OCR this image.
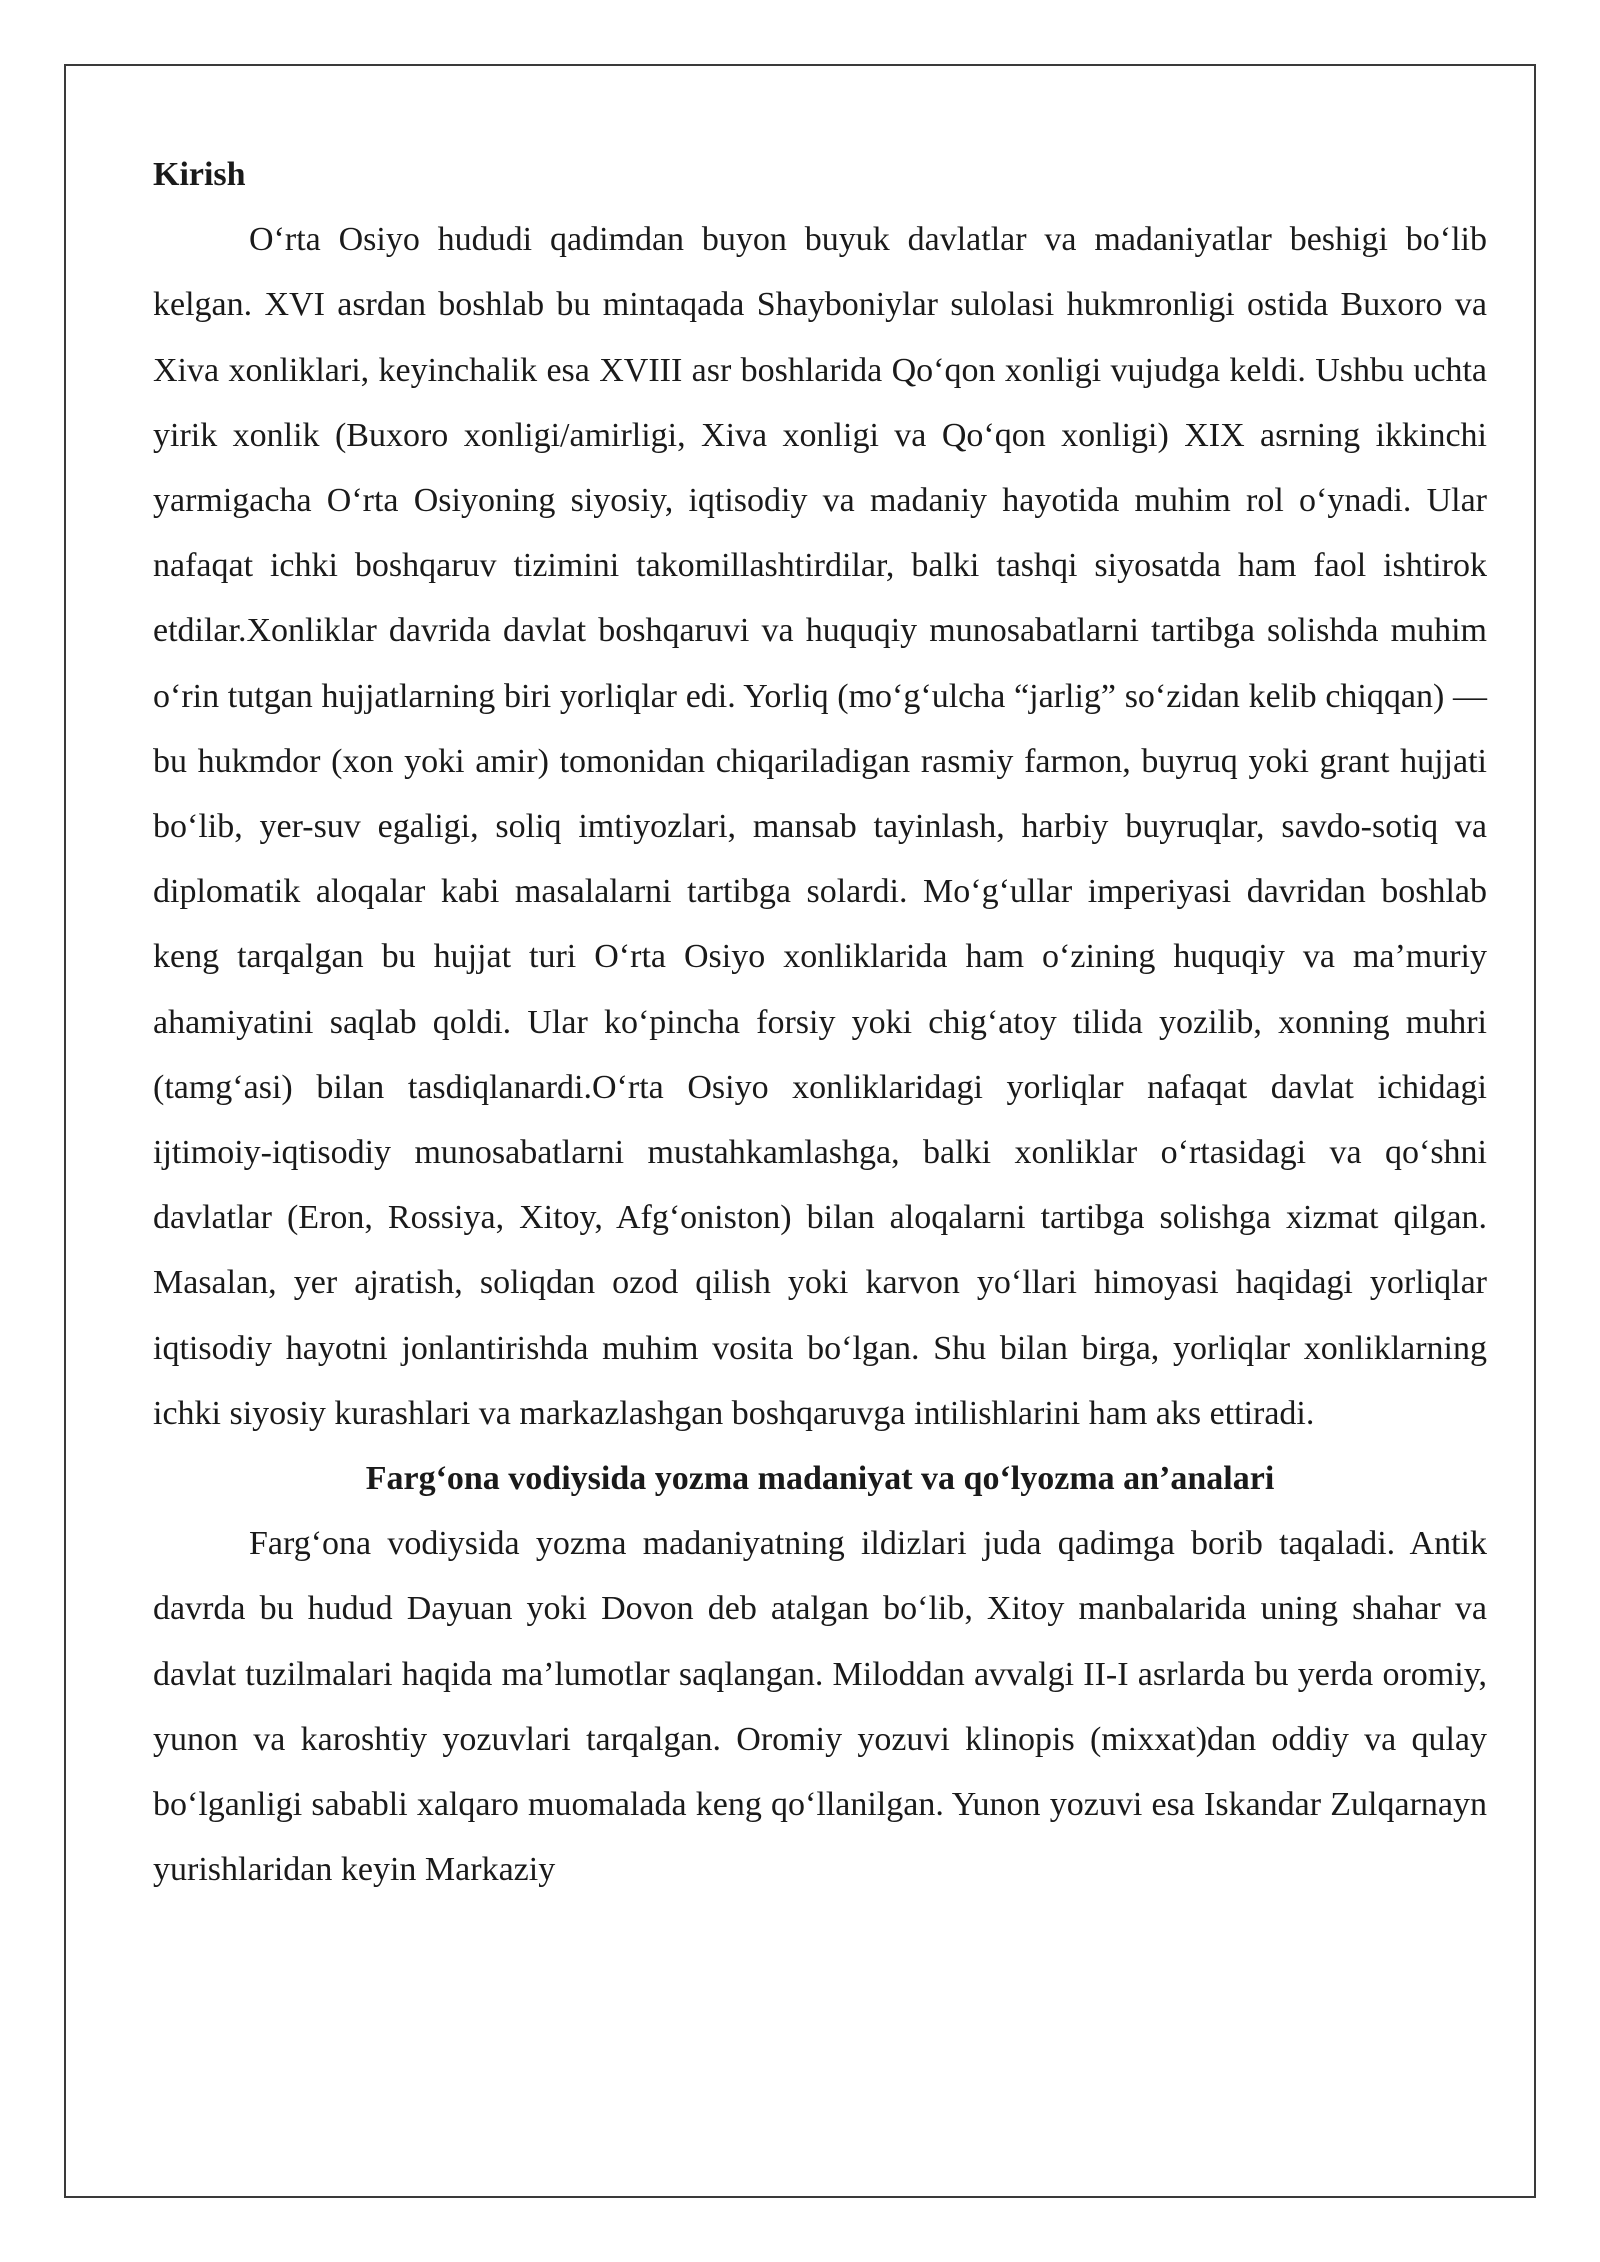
Kirish

O‘rta Osiyo hududi qadimdan buyon buyuk davlatlar va madaniyatlar beshigi bo‘lib kelgan. XVI asrdan boshlab bu mintaqada Shayboniylar sulolasi hukmronligi ostida Buxoro va Xiva xonliklari, keyinchalik esa XVIII asr boshlarida Qo‘qon xonligi vujudga keldi. Ushbu uchta yirik xonlik (Buxoro xonligi/amirligi, Xiva xonligi va Qo‘qon xonligi) XIX asrning ikkinchi yarmigacha O‘rta Osiyoning siyosiy, iqtisodiy va madaniy hayotida muhim rol o‘ynadi. Ular nafaqat ichki boshqaruv tizimini takomillashtirdilar, balki tashqi siyosatda ham faol ishtirok etdilar.Xonliklar davrida davlat boshqaruvi va huquqiy munosabatlarni tartibga solishda muhim o‘rin tutgan hujjatlarning biri yorliqlar edi. Yorliq (mo‘g‘ulcha “jarlig” so‘zidan kelib chiqqan) — bu hukmdor (xon yoki amir) tomonidan chiqariladigan rasmiy farmon, buyruq yoki grant hujjati bo‘lib, yer-suv egaligi, soliq imtiyozlari, mansab tayinlash, harbiy buyruqlar, savdo-sotiq va diplomatik aloqalar kabi masalalarni tartibga solardi. Mo‘g‘ullar imperiyasi davridan boshlab keng tarqalgan bu hujjat turi O‘rta Osiyo xonliklarida ham o‘zining huquqiy va ma’muriy ahamiyatini saqlab qoldi. Ular ko‘pincha forsiy yoki chig‘atoy tilida yozilib, xonning muhri (tamg‘asi) bilan tasdiqlanardi.O‘rta Osiyo xonliklaridagi yorliqlar nafaqat davlat ichidagi ijtimoiy-iqtisodiy munosabatlarni mustahkamlashga, balki xonliklar o‘rtasidagi va qo‘shni davlatlar (Eron, Rossiya, Xitoy, Afg‘oniston) bilan aloqalarni tartibga solishga xizmat qilgan. Masalan, yer ajratish, soliqdan ozod qilish yoki karvon yo‘llari himoyasi haqidagi yorliqlar iqtisodiy hayotni jonlantirishda muhim vosita bo‘lgan. Shu bilan birga, yorliqlar xonliklarning ichki siyosiy kurashlari va markazlashgan boshqaruvga intilishlarini ham aks ettiradi.

Farg‘ona vodiysida yozma madaniyat va qo‘lyozma an’analari

Farg‘ona vodiysida yozma madaniyatning ildizlari juda qadimga borib taqaladi. Antik davrda bu hudud Dayuan yoki Dovon deb atalgan bo‘lib, Xitoy manbalarida uning shahar va davlat tuzilmalari haqida ma’lumotlar saqlangan. Miloddan avvalgi II-I asrlarda bu yerda oromiy, yunon va karoshtiy yozuvlari tarqalgan. Oromiy yozuvi klinopis (mixxat)dan oddiy va qulay bo‘lganligi sababli xalqaro muomalada keng qo‘llanilgan. Yunon yozuvi esa Iskandar Zulqarnayn yurishlaridan keyin Markaziy
